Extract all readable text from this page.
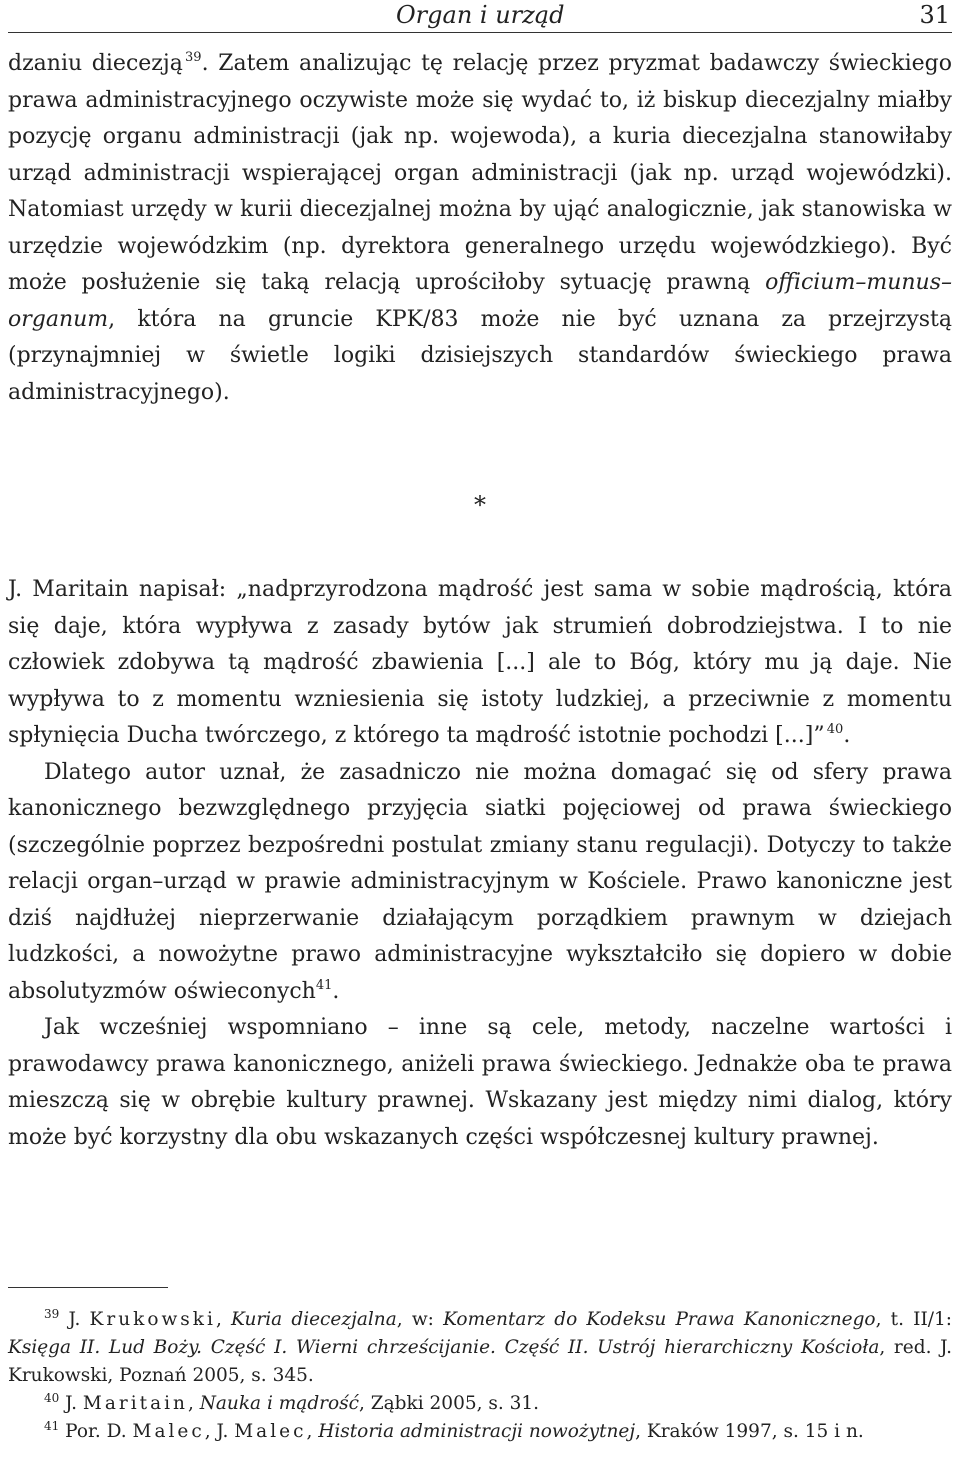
Organ i urząd	31

dzaniu diecezją  $^{39}$. Zatem analizując tę relację przez pryzmat badawczy świeckiego prawa administracyjnego oczywiste może się wydać to, iż biskup diecezjalny miałby pozycję organu administracji (jak np. wojewoda), a kuria diecezjalna stanowiłaby urząd administracji wspierającej organ administracji (jak np. urząd wojewódzki). Natomiast urzędy w kurii diecezjalnej można by ująć analogicznie, jak stanowiska w urzędzie wojewódzkim (np. dyrektora generalnego urzędu wojewódzkiego). Być może posłużenie się taką relacją uprościłoby sytuację prawną officium–munus–organum, która na gruncie KPK/83 może nie być uznana za przejrzystą (przynajmniej w świetle logiki dzisiejszych standardów świeckiego prawa administracyjnego).

*

J. Maritain napisał: „nadprzyrodzona mądrość jest sama w sobie mądrością, która się daje, która wypływa z zasady bytów jak strumień dobrodziejstwa. I to nie człowiek zdobywa tą mądrość zbawienia [...] ale to Bóg, który mu ją daje. Nie wypływa to z momentu wzniesienia się istoty ludzkiej, a przeciwnie z momentu spłynięcia Ducha twórczego, z którego ta mądrość istotnie pochodzi [...]”  $^{40}$.

Dlatego autor uznał, że zasadniczo nie można domagać się od sfery prawa kanonicznego bezwzględnego przyjęcia siatki pojęciowej od prawa świeckiego (szczególnie poprzez bezpośredni postulat zmiany stanu regulacji). Dotyczy to także relacji organ–urząd w prawie administracyjnym w Kościele. Prawo kanoniczne jest dziś najdłużej nieprzerwanie działającym porządkiem prawnym w dziejach ludzkości, a nowożytne prawo administracyjne wykształciło się dopiero w dobie absolutyzmów oświeconych$^{41}$.

Jak wcześniej wspomniano – inne są cele, metody, naczelne wartości i prawodawcy prawa kanonicznego, aniżeli prawa świeckiego. Jednakże oba te prawa mieszczą się w obrębie kultury prawnej. Wskazany jest między nimi dialog, który może być korzystny dla obu wskazanych części współczesnej kultury prawnej.

$^{39}$ J. Krukowski, Kuria diecezjalna, w: Komentarz do Kodeksu Prawa Kanonicznego, t. II/1: Księga II. Lud Boży. Część I. Wierni chrześcijanie. Część II. Ustrój hierarchiczny Kościoła, red. J. Krukowski, Poznań 2005, s. 345.

$^{40}$ J. Maritain, Nauka i mądrość, Ząbki 2005, s. 31.

$^{41}$ Por. D. Malec, J. Malec, Historia administracji nowożytnej, Kraków 1997, s. 15 i n.
